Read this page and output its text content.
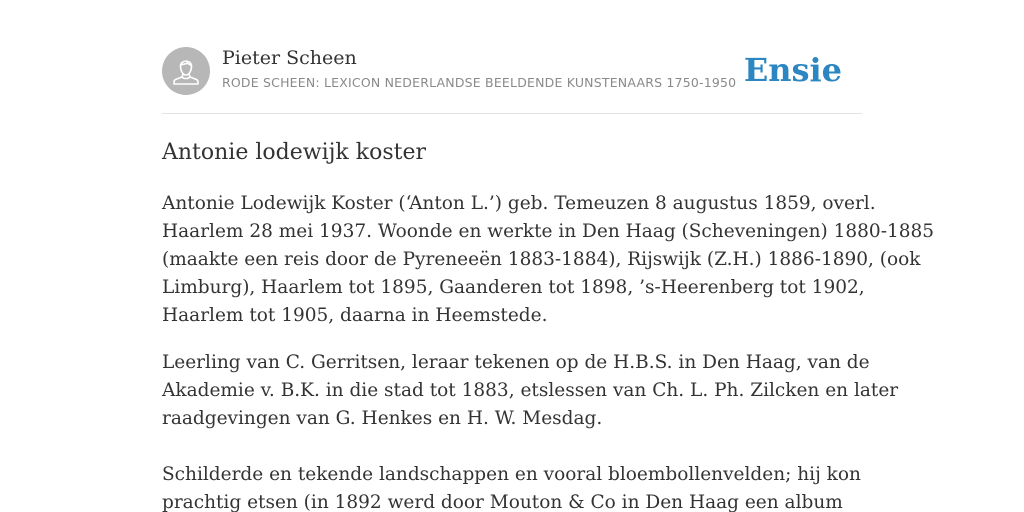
Pieter Scheen
RODE SCHEEN: LEXICON NEDERLANDSE BEELDENDE KUNSTENAARS 1750-1950 Ensie
Antonie lodewijk koster

Antonie Lodewijk Koster (‘Anton L.’) geb. Temeuzen 8 augustus 1859, overl.
Haarlem 28 mei 1937. Woonde en werkte in Den Haag (Scheveningen) 1880-1885
(maakte een reis door de Pyreneeën 1883-1884), Rijswijk (Z.H.) 1886-1890, (ook
Limburg), Haarlem tot 1895, Gaanderen tot 1898, ’s-Heerenberg tot 1902,
Haarlem tot 1905, daarna in Heemstede.

Leerling van C. Gerritsen, leraar tekenen op de H.B.S. in Den Haag, van de
Akademie v. B.K. in die stad tot 1883, etslessen van Ch. L. Ph. Zilcken en later
raadgevingen van G. Henkes en H. W. Mesdag.

Schilderde en tekende landschappen en vooral bloembollenvelden; hij kon
prachtig etsen (in 1892 werd door Mouton & Co in Den Haag een album
